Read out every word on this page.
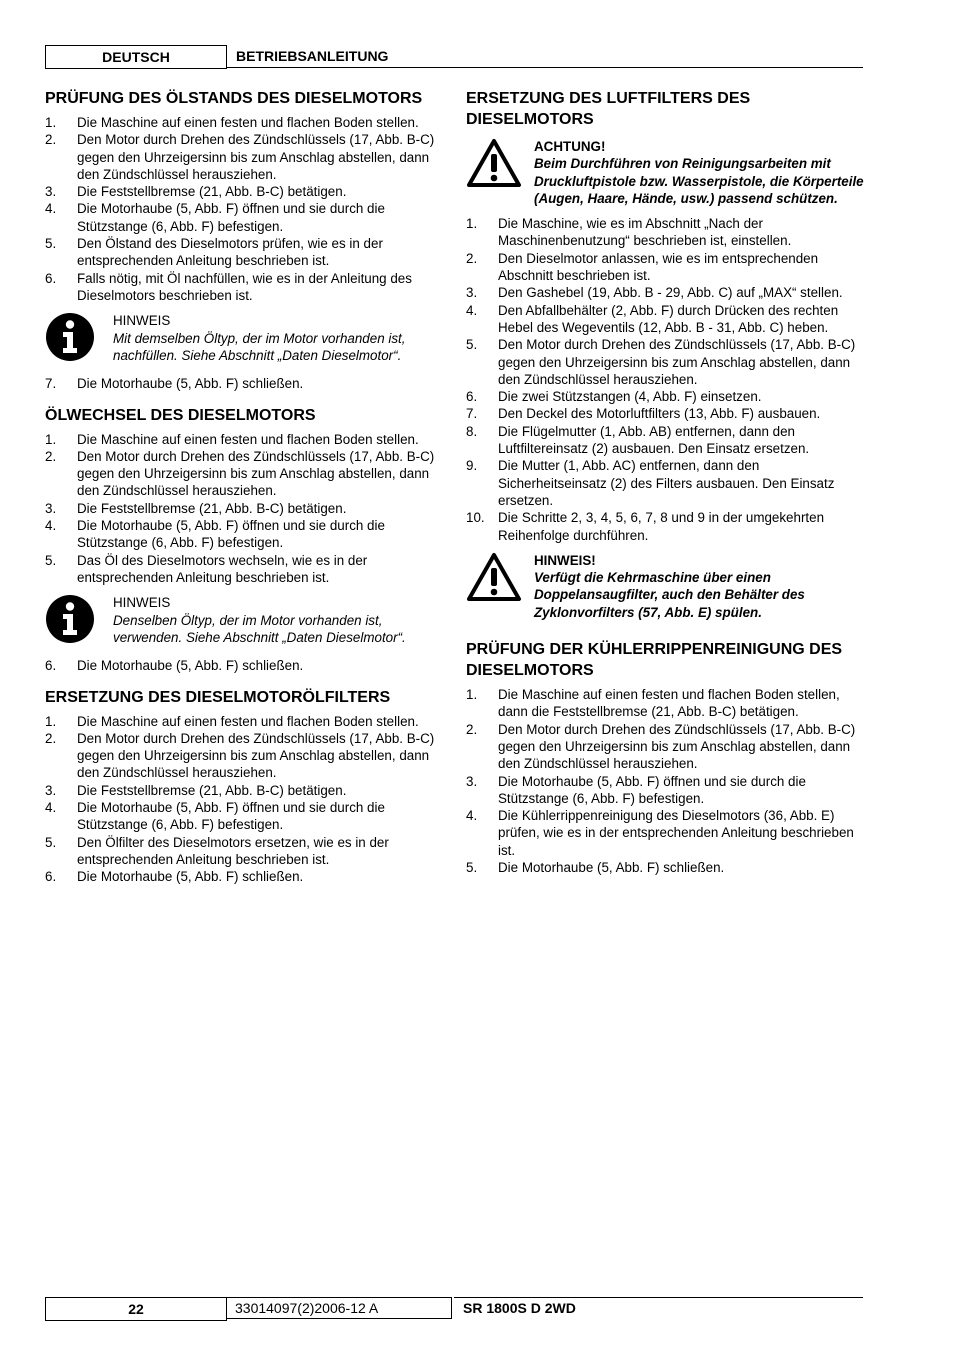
DEUTSCH	BETRIEBSANLEITUNG
PRÜFUNG DES ÖLSTANDS DES DIESELMOTORS
1. Die Maschine auf einen festen und flachen Boden stellen.
2. Den Motor durch Drehen des Zündschlüssels (17, Abb. B-C) gegen den Uhrzeigersinn bis zum Anschlag abstellen, dann den Zündschlüssel herausziehen.
3. Die Feststellbremse (21, Abb. B-C) betätigen.
4. Die Motorhaube (5, Abb. F) öffnen und sie durch die Stützstange (6, Abb. F) befestigen.
5. Den Ölstand des Dieselmotors prüfen, wie es in der entsprechenden Anleitung beschrieben ist.
6. Falls nötig, mit Öl nachfüllen, wie es in der Anleitung des Dieselmotors beschrieben ist.
HINWEIS
Mit demselben Öltyp, der im Motor vorhanden ist, nachfüllen. Siehe Abschnitt „Daten Dieselmotor“.
7. Die Motorhaube (5, Abb. F) schließen.
ÖLWECHSEL DES DIESELMOTORS
1. Die Maschine auf einen festen und flachen Boden stellen.
2. Den Motor durch Drehen des Zündschlüssels (17, Abb. B-C) gegen den Uhrzeigersinn bis zum Anschlag abstellen, dann den Zündschlüssel herausziehen.
3. Die Feststellbremse (21, Abb. B-C) betätigen.
4. Die Motorhaube (5, Abb. F) öffnen und sie durch die Stützstange (6, Abb. F) befestigen.
5. Das Öl des Dieselmotors wechseln, wie es in der entsprechenden Anleitung beschrieben ist.
HINWEIS
Denselben Öltyp, der im Motor vorhanden ist, verwenden. Siehe Abschnitt „Daten Dieselmotor“.
6. Die Motorhaube (5, Abb. F) schließen.
ERSETZUNG DES DIESELMOTORÖLFILTERS
1. Die Maschine auf einen festen und flachen Boden stellen.
2. Den Motor durch Drehen des Zündschlüssels (17, Abb. B-C) gegen den Uhrzeigersinn bis zum Anschlag abstellen, dann den Zündschlüssel herausziehen.
3. Die Feststellbremse (21, Abb. B-C) betätigen.
4. Die Motorhaube (5, Abb. F) öffnen und sie durch die Stützstange (6, Abb. F) befestigen.
5. Den Ölfilter des Dieselmotors ersetzen, wie es in der entsprechenden Anleitung beschrieben ist.
6. Die Motorhaube (5, Abb. F) schließen.
ERSETZUNG DES LUFTFILTERS DES DIESELMOTORS
ACHTUNG!
Beim Durchführen von Reinigungsarbeiten mit Druckluftpistole bzw. Wasserpistole, die Körperteile (Augen, Haare, Hände, usw.) passend schützen.
1. Die Maschine, wie es im Abschnitt „Nach der Maschinenbenutzung“ beschrieben ist, einstellen.
2. Den Dieselmotor anlassen, wie es im entsprechenden Abschnitt beschrieben ist.
3. Den Gashebel (19, Abb. B - 29, Abb. C) auf „MAX“ stellen.
4. Den Abfallbehälter (2, Abb. F) durch Drücken des rechten Hebel des Wegeventils (12, Abb. B - 31, Abb. C) heben.
5. Den Motor durch Drehen des Zündschlüssels (17, Abb. B-C) gegen den Uhrzeigersinn bis zum Anschlag abstellen, dann den Zündschlüssel herausziehen.
6. Die zwei Stützstangen (4, Abb. F) einsetzen.
7. Den Deckel des Motorluftfilters (13, Abb. F) ausbauen.
8. Die Flügelmutter (1, Abb. AB) entfernen, dann den Luftfiltereinsatz (2) ausbauen. Den Einsatz ersetzen.
9. Die Mutter (1, Abb. AC) entfernen, dann den Sicherheitseinsatz (2) des Filters ausbauen. Den Einsatz ersetzen.
10. Die Schritte 2, 3, 4, 5, 6, 7, 8 und 9 in der umgekehrten Reihenfolge durchführen.
HINWEIS!
Verfügt die Kehrmaschine über einen Doppelansaugfilter, auch den Behälter des Zyklonvorfilters (57, Abb. E) spülen.
PRÜFUNG DER KÜHLERRIPPENREINIGUNG DES DIESELMOTORS
1. Die Maschine auf einen festen und flachen Boden stellen, dann die Feststellbremse (21, Abb. B-C) betätigen.
2. Den Motor durch Drehen des Zündschlüssels (17, Abb. B-C) gegen den Uhrzeigersinn bis zum Anschlag abstellen, dann den Zündschlüssel herausziehen.
3. Die Motorhaube (5, Abb. F) öffnen und sie durch die Stützstange (6, Abb. F) befestigen.
4. Die Kühlerrippenreinigung des Dieselmotors (36, Abb. E) prüfen, wie es in der entsprechenden Anleitung beschrieben ist.
5. Die Motorhaube (5, Abb. F) schließen.
22	33014097(2)2006-12 A	SR 1800S D 2WD
